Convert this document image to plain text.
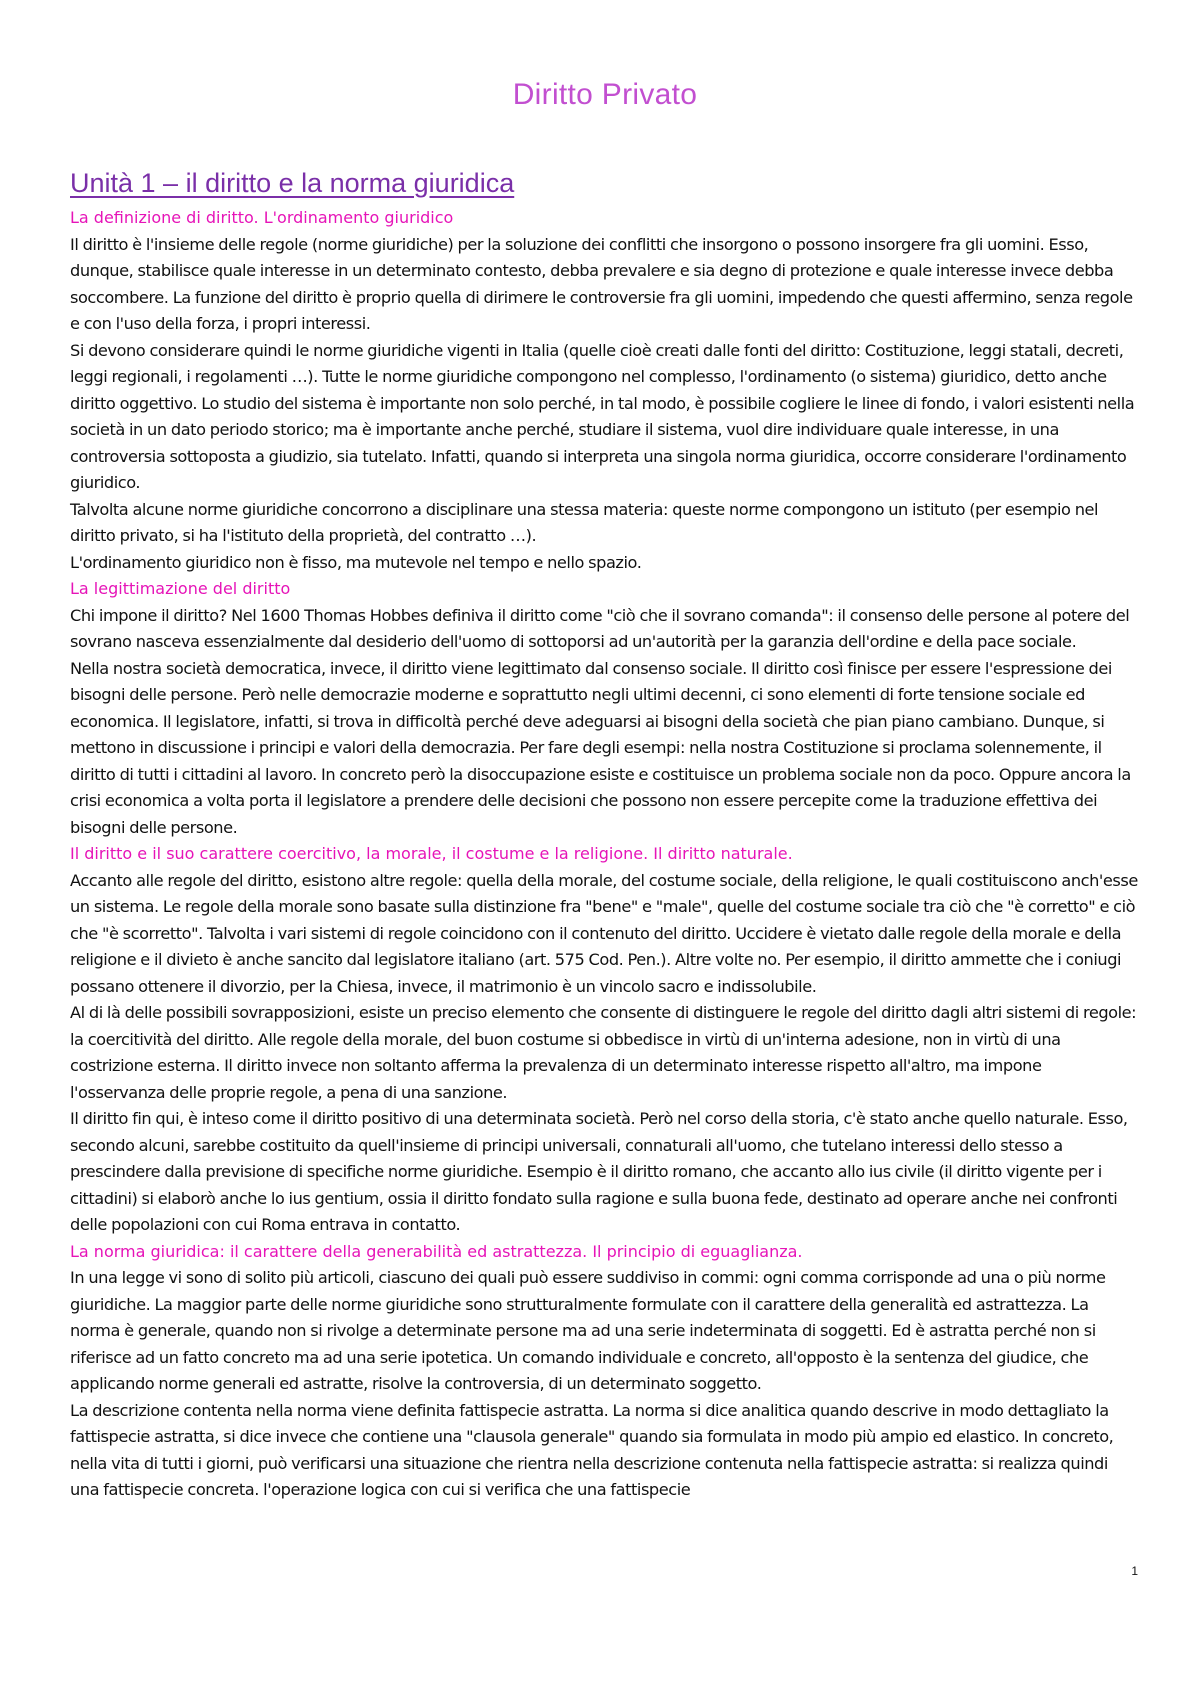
Diritto Privato
Unità 1 – il diritto e la norma giuridica
La definizione di diritto. L'ordinamento giuridico

Il diritto è l'insieme delle regole (norme giuridiche) per la soluzione dei conflitti che insorgono o possono insorgere fra gli uomini. Esso, dunque, stabilisce quale interesse in un determinato contesto, debba prevalere e sia degno di protezione e quale interesse invece debba soccombere. La funzione del diritto è proprio quella di dirimere le controversie fra gli uomini, impedendo che questi affermino, senza regole e con l'uso della forza, i propri interessi.

Si devono considerare quindi le norme giuridiche vigenti in Italia (quelle cioè creati dalle fonti del diritto: Costituzione, leggi statali, decreti, leggi regionali, i regolamenti …). Tutte le norme giuridiche compongono nel complesso, l'ordinamento (o sistema) giuridico, detto anche diritto oggettivo. Lo studio del sistema è importante non solo perché, in tal modo, è possibile cogliere le linee di fondo, i valori esistenti nella società in un dato periodo storico; ma è importante anche perché, studiare il sistema, vuol dire individuare quale interesse, in una controversia sottoposta a giudizio, sia tutelato. Infatti, quando si interpreta una singola norma giuridica, occorre considerare l'ordinamento giuridico.

Talvolta alcune norme giuridiche concorrono a disciplinare una stessa materia: queste norme compongono un istituto (per esempio nel diritto privato, si ha l'istituto della proprietà, del contratto …).

L'ordinamento giuridico non è fisso, ma mutevole nel tempo e nello spazio.

La legittimazione del diritto

Chi impone il diritto? Nel 1600 Thomas Hobbes definiva il diritto come "ciò che il sovrano comanda": il consenso delle persone al potere del sovrano nasceva essenzialmente dal desiderio dell'uomo di sottoporsi ad un'autorità per la garanzia dell'ordine e della pace sociale.

Nella nostra società democratica, invece, il diritto viene legittimato dal consenso sociale. Il diritto così finisce per essere l'espressione dei bisogni delle persone. Però nelle democrazie moderne e soprattutto negli ultimi decenni, ci sono elementi di forte tensione sociale ed economica. Il legislatore, infatti, si trova in difficoltà perché deve adeguarsi ai bisogni della società che pian piano cambiano. Dunque, si mettono in discussione i principi e valori della democrazia. Per fare degli esempi: nella nostra Costituzione si proclama solennemente, il diritto di tutti i cittadini al lavoro. In concreto però la disoccupazione esiste e costituisce un problema sociale non da poco. Oppure ancora la crisi economica a volta porta il legislatore a prendere delle decisioni che possono non essere percepite come la traduzione effettiva dei bisogni delle persone.

Il diritto e il suo carattere coercitivo, la morale, il costume e la religione. Il diritto naturale.

Accanto alle regole del diritto, esistono altre regole: quella della morale, del costume sociale, della religione, le quali costituiscono anch'esse un sistema. Le regole della morale sono basate sulla distinzione fra "bene" e "male", quelle del costume sociale tra ciò che "è corretto" e ciò che "è scorretto". Talvolta i vari sistemi di regole coincidono con il contenuto del diritto. Uccidere è vietato dalle regole della morale e della religione e il divieto è anche sancito dal legislatore italiano (art. 575 Cod. Pen.). Altre volte no. Per esempio, il diritto ammette che i coniugi possano ottenere il divorzio, per la Chiesa, invece, il matrimonio è un vincolo sacro e indissolubile.

Al di là delle possibili sovrapposizioni, esiste un preciso elemento che consente di distinguere le regole del diritto dagli altri sistemi di regole: la coercitività del diritto. Alle regole della morale, del buon costume si obbedisce in virtù di un'interna adesione, non in virtù di una costrizione esterna. Il diritto invece non soltanto afferma la prevalenza di un determinato interesse rispetto all'altro, ma impone l'osservanza delle proprie regole, a pena di una sanzione.

Il diritto fin qui, è inteso come il diritto positivo di una determinata società. Però nel corso della storia, c'è stato anche quello naturale. Esso, secondo alcuni, sarebbe costituito da quell'insieme di principi universali, connaturali all'uomo, che tutelano interessi dello stesso a prescindere dalla previsione di specifiche norme giuridiche. Esempio è il diritto romano, che accanto allo ius civile (il diritto vigente per i cittadini) si elaborò anche lo ius gentium, ossia il diritto fondato sulla ragione e sulla buona fede, destinato ad operare anche nei confronti delle popolazioni con cui Roma entrava in contatto.

La norma giuridica: il carattere della generabilità ed astrattezza. Il principio di eguaglianza.

In una legge vi sono di solito più articoli, ciascuno dei quali può essere suddiviso in commi: ogni comma corrisponde ad una o più norme giuridiche. La maggior parte delle norme giuridiche sono strutturalmente formulate con il carattere della generalità ed astrattezza. La norma è generale, quando non si rivolge a determinate persone ma ad una serie indeterminata di soggetti. Ed è astratta perché non si riferisce ad un fatto concreto ma ad una serie ipotetica. Un comando individuale e concreto, all'opposto è la sentenza del giudice, che applicando norme generali ed astratte, risolve la controversia, di un determinato soggetto.

La descrizione contenta nella norma viene definita fattispecie astratta. La norma si dice analitica quando descrive in modo dettagliato la fattispecie astratta, si dice invece che contiene una "clausola generale" quando sia formulata in modo più ampio ed elastico. In concreto, nella vita di tutti i giorni, può verificarsi una situazione che rientra nella descrizione contenuta nella fattispecie astratta: si realizza quindi una fattispecie concreta. l'operazione logica con cui si verifica che una fattispecie

1
